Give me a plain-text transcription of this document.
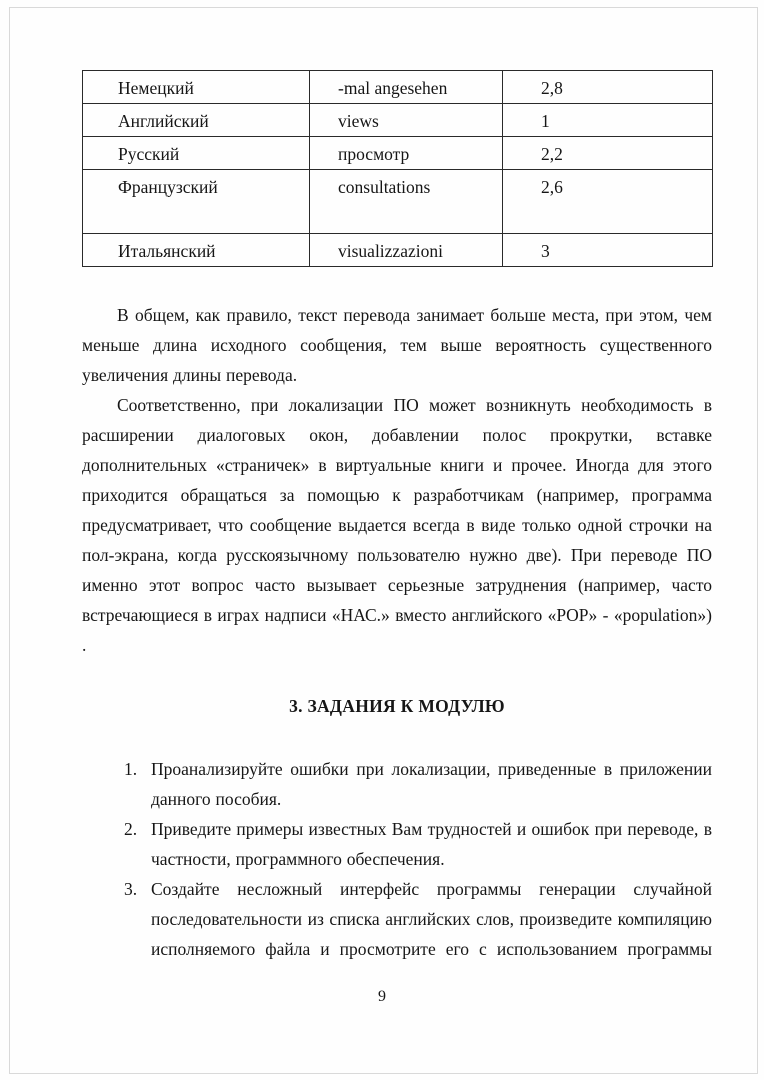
Немецкий	-mal angesehen	2,8
Английский	views	1
Русский	просмотр	2,2
Французский	consultations	2,6
Итальянский	visualizzazioni	3

В общем, как правило, текст перевода занимает больше места, при этом, чем меньше длина исходного сообщения, тем выше вероятность существенного увеличения длины перевода.

Соответственно, при локализации ПО может возникнуть необходимость в расширении диалоговых окон, добавлении полос прокрутки, вставке дополнительных «страничек» в виртуальные книги и прочее. Иногда для этого приходится обращаться за помощью к разработчикам (например, программа предусматривает, что сообщение выдается всегда в виде только одной строчки на пол-экрана, когда русскоязычному пользователю нужно две). При переводе ПО именно этот вопрос часто вызывает серьезные затруднения (например, часто встречающиеся в играх надписи «НАС.» вместо английского «POP» - «population») .

3. ЗАДАНИЯ К МОДУЛЮ
1. Проанализируйте ошибки при локализации, приведенные в приложении данного пособия.
2. Приведите примеры известных Вам трудностей и ошибок при переводе, в частности, программного обеспечения.
3. Создайте несложный интерфейс программы генерации случайной последовательности из списка английских слов, произведите компиляцию исполняемого файла и просмотрите его с использованием программы
9
